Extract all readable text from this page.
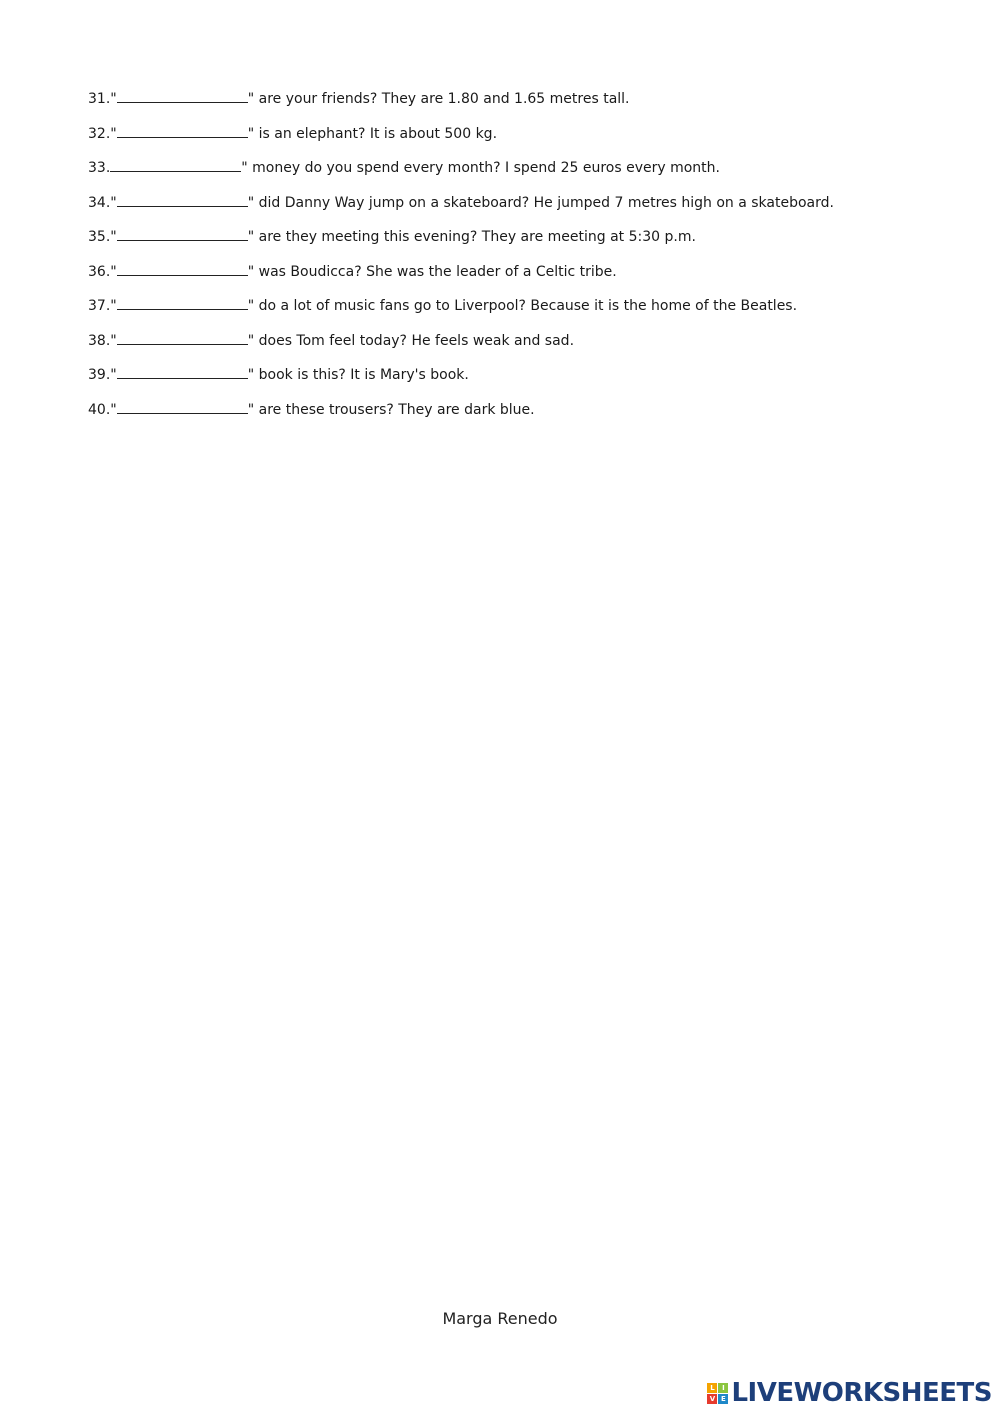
31."	" are your friends? They are 1.80 and 1.65 metres tall.
32."	" is an elephant? It is about 500 kg.
33.	" money do you spend every month? I spend 25 euros every month.
34."	" did Danny Way jump on a skateboard? He jumped 7 metres high on a skateboard.
35."	" are they meeting this evening? They are meeting at 5:30 p.m.
36."	" was Boudicca? She was the leader of a Celtic tribe.
37."	" do a lot of music fans go to Liverpool? Because it is the home of the Beatles.
38."	" does Tom feel today? He feels weak and sad.
39."	" book is this? It is Mary's book.
40."	" are these trousers? They are dark blue.
Marga Renedo
L	I
V E LIVEWORKSHEETS
